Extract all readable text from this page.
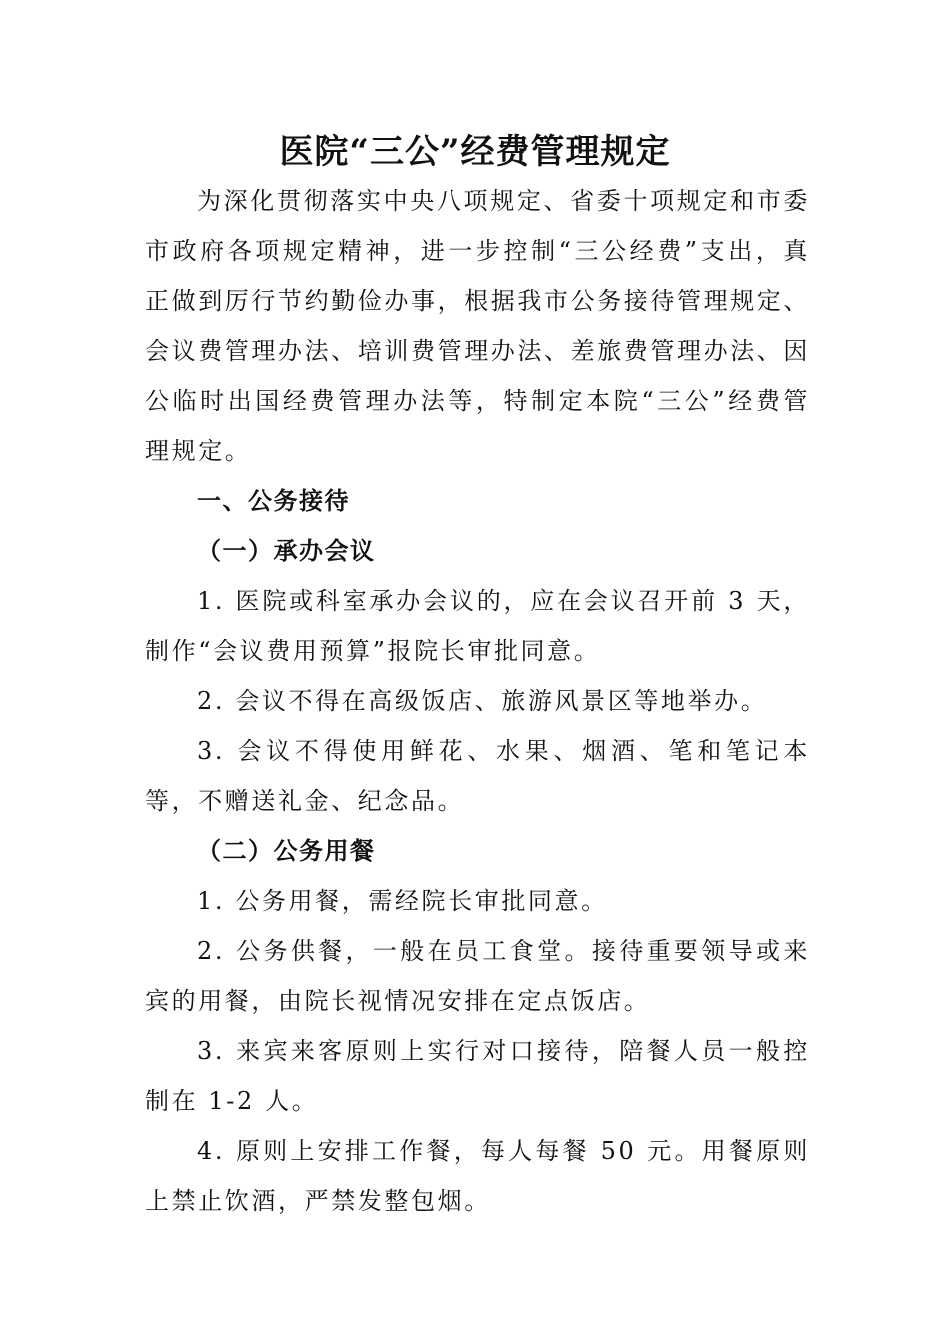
医院“三公”经费管理规定

为深化贯彻落实中央八项规定、省委十项规定和市委市政府各项规定精神，进一步控制“三公经费”支出，真正做到厉行节约勤俭办事，根据我市公务接待管理规定、会议费管理办法、培训费管理办法、差旅费管理办法、因公临时出国经费管理办法等，特制定本院“三公”经费管理规定。

一、公务接待

（一）承办会议

1. 医院或科室承办会议的，应在会议召开前 3 天，制作“会议费用预算”报院长审批同意。

2. 会议不得在高级饭店、旅游风景区等地举办。

3. 会议不得使用鲜花、水果、烟酒、笔和笔记本等，不赠送礼金、纪念品。

（二）公务用餐

1. 公务用餐，需经院长审批同意。

2. 公务供餐，一般在员工食堂。接待重要领导或来宾的用餐，由院长视情况安排在定点饭店。

3. 来宾来客原则上实行对口接待，陪餐人员一般控制在 1-2 人。

4. 原则上安排工作餐，每人每餐 50 元。用餐原则上禁止饮酒，严禁发整包烟。
